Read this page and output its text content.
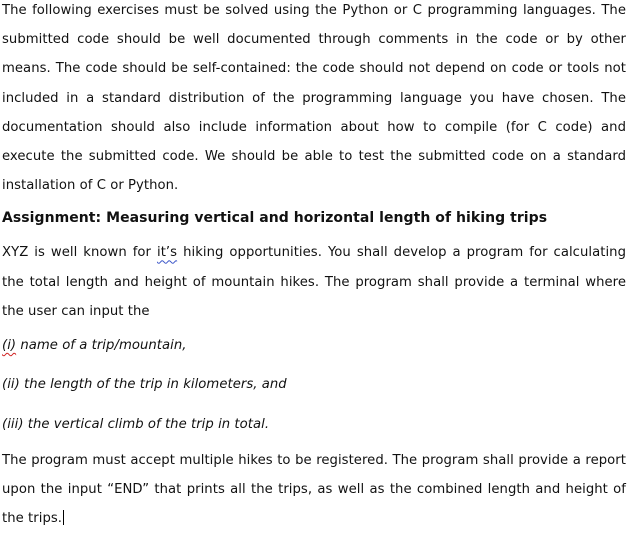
The following exercises must be solved using the Python or C programming languages. The submitted code should be well documented through comments in the code or by other means. The code should be self-contained: the code should not depend on code or tools not included in a standard distribution of the programming language you have chosen. The documentation should also include information about how to compile (for C code) and execute the submitted code. We should be able to test the submitted code on a standard installation of C or Python.

Assignment: Measuring vertical and horizontal length of hiking trips

XYZ is well known for it’s hiking opportunities. You shall develop a program for calculating the total length and height of mountain hikes. The program shall provide a terminal where the user can input the

(i) name of a trip/mountain,

(ii) the length of the trip in kilometers, and

(iii) the vertical climb of the trip in total.

The program must accept multiple hikes to be registered. The program shall provide a report upon the input “END” that prints all the trips, as well as the combined length and height of the trips.
